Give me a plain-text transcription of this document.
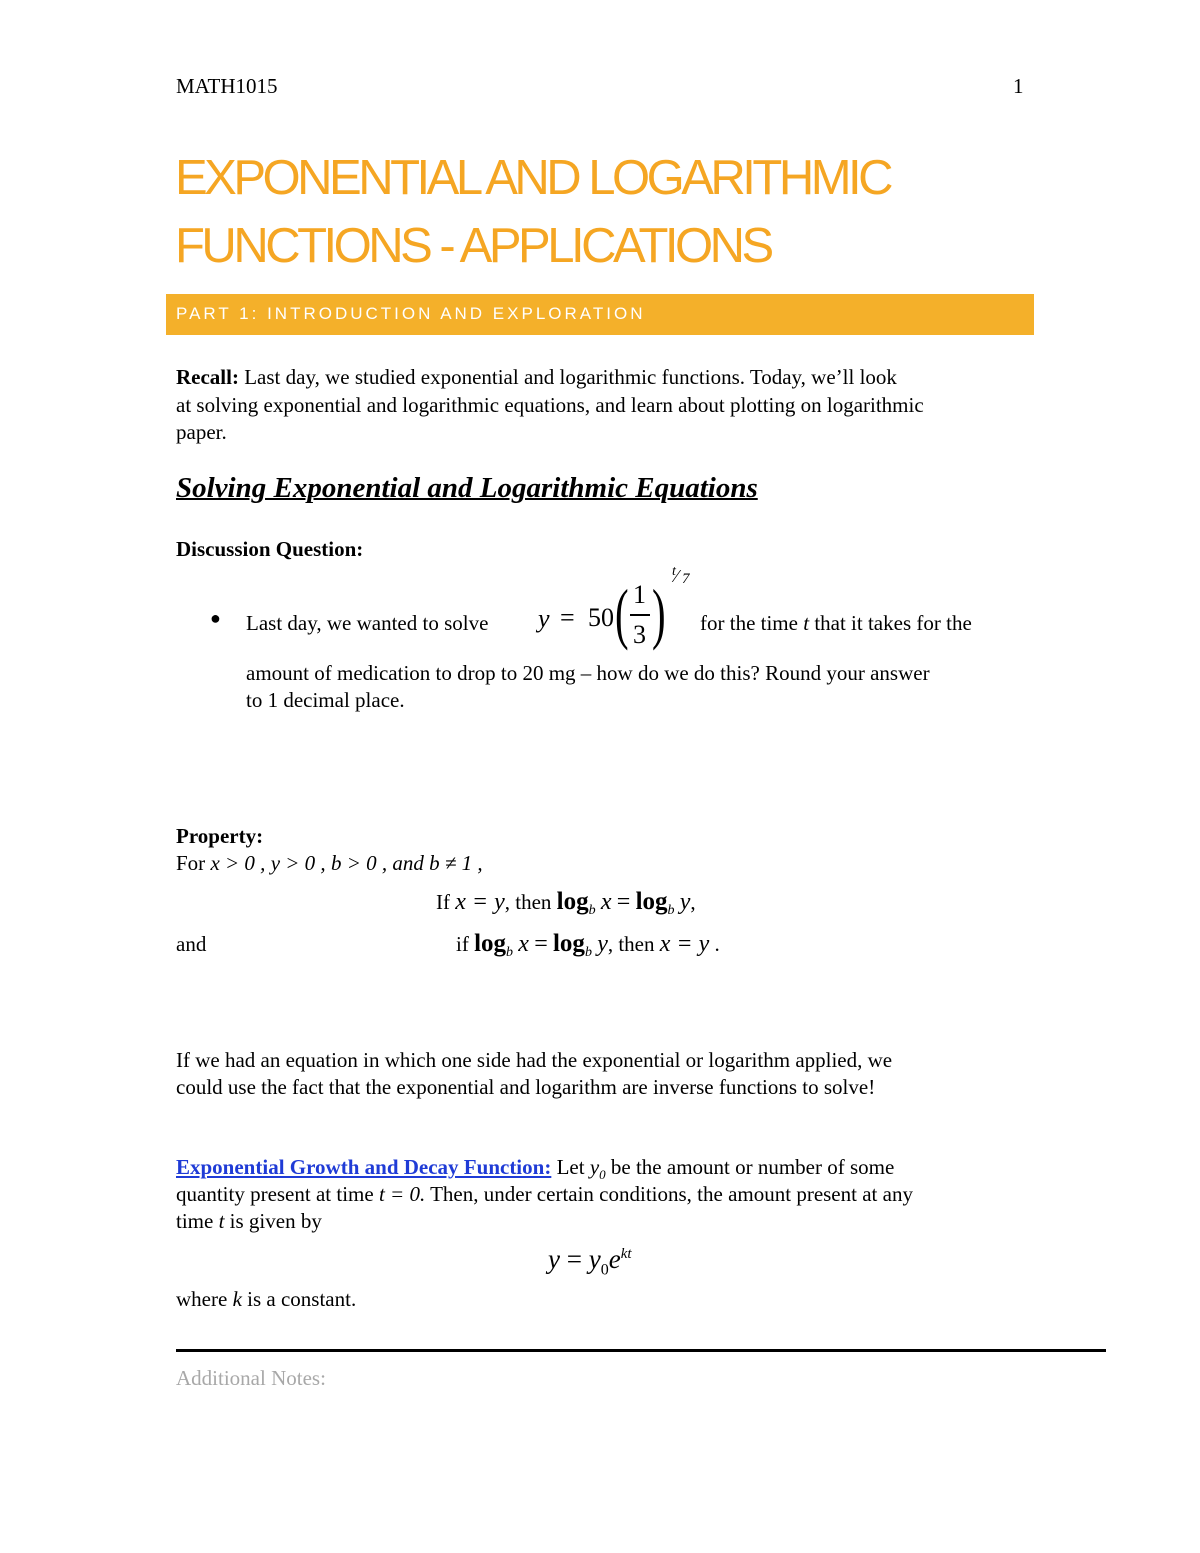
MATH1015	1
EXPONENTIAL AND LOGARITHMIC
FUNCTIONS - APPLICATIONS
PART 1: INTRODUCTION AND EXPLORATION
Recall: Last day, we studied exponential and logarithmic functions. Today, we’ll look
at solving exponential and logarithmic equations, and learn about plotting on logarithmic
paper.
Solving Exponential and Logarithmic Equations
Discussion Question:
● Last day, we wanted to solve y = 50 ( 1
3 )
t ⁄ 7
for the time t that it takes for the
amount of medication to drop to 20 mg – how do we do this? Round your answer
to 1 decimal place.
Property:
For x > 0 , y > 0 , b > 0 , and b ≠ 1 ,
If x = y, then $\log_b x = \log_b y$,
and	if $\log_b x = \log_b y$, then x = y .
If we had an equation in which one side had the exponential or logarithm applied, we
could use the fact that the exponential and logarithm are inverse functions to solve!
Exponential Growth and Decay Function: Let $y_0$ be the amount or number of some
quantity present at time t = 0. Then, under certain conditions, the amount present at any
time t is given by
$y = y_0e^{kt}$
where k is a constant.
Additional Notes:
